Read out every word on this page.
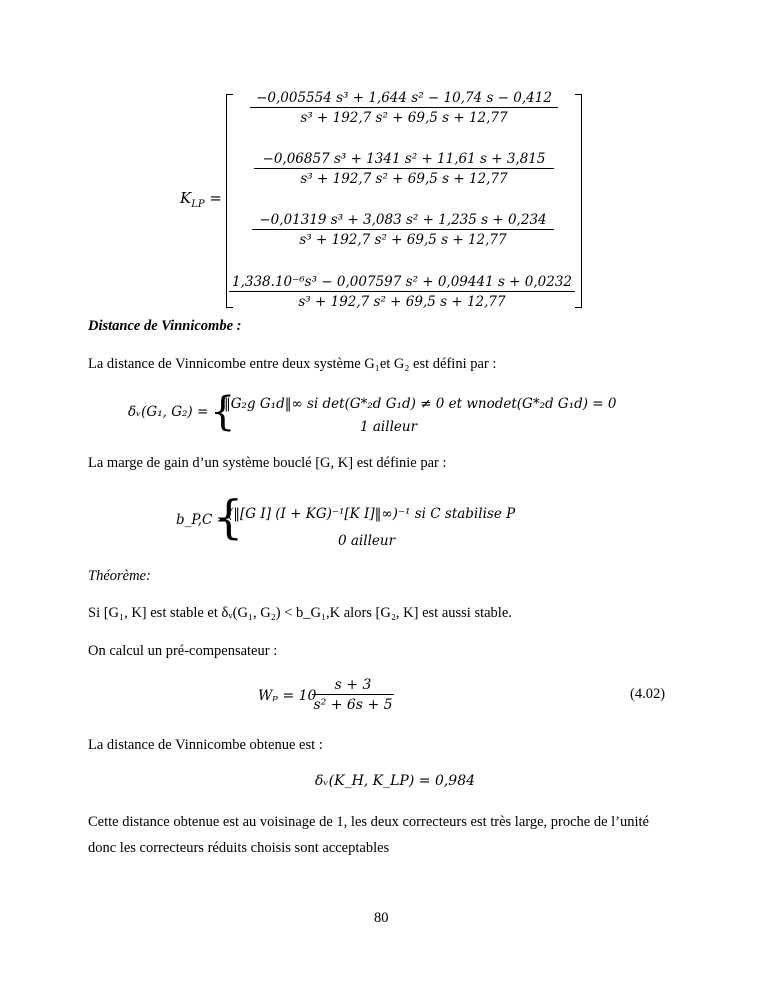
$K_{LP}$ =
$\frac{\text{−0,005554 s³ + 1,644 s² − 10,74 s − 0,412}}{\text{s³ + 192,7 s² + 69,5 s + 12,77}}$
$\frac{\text{−0,06857 s³ + 1341 s² + 11,61 s + 3,815}}{\text{s³ + 192,7 s² + 69,5 s + 12,77}}$
$\frac{\text{−0,01319 s³ + 3,083 s² + 1,235 s + 0,234}}{\text{s³ + 192,7 s² + 69,5 s + 12,77}}$
$\frac{\text{1,338.10⁻⁶s³ − 0,007597 s² + 0,09441 s + 0,0232}}{\text{s³ + 192,7 s² + 69,5 s + 12,77}}$
Distance de Vinnicombe :
La distance de Vinnicombe entre deux système G₁et G₂ est défini par :
δᵥ(G₁, G₂) = {
‖G₂g G₁d‖∞ si det(G*₂d G₁d) ≠ 0 et wnodet(G*₂d G₁d) = 0
1 ailleur
La marge de gain d’un système bouclé [G, K] est définie par :
b_P,C =
{
(‖[G I] (I + KG)⁻¹[K I]‖∞)⁻¹ si C stabilise P
0 ailleur
Théorème:
Si [G₁, K] est stable et δᵥ(G₁, G₂) < b_G₁,K alors [G₂, K] est aussi stable.
On calcul un pré-compensateur :
Wₚ = 10
$\frac{s + 3}{\text{s² + 6s + 5}}$	(4.02)
La distance de Vinnicombe obtenue est :
δᵥ(K_H, K_LP) = 0,984
Cette distance obtenue est au voisinage de 1, les deux correcteurs est très large, proche de l’unité
donc les correcteurs réduits choisis sont acceptables
80
